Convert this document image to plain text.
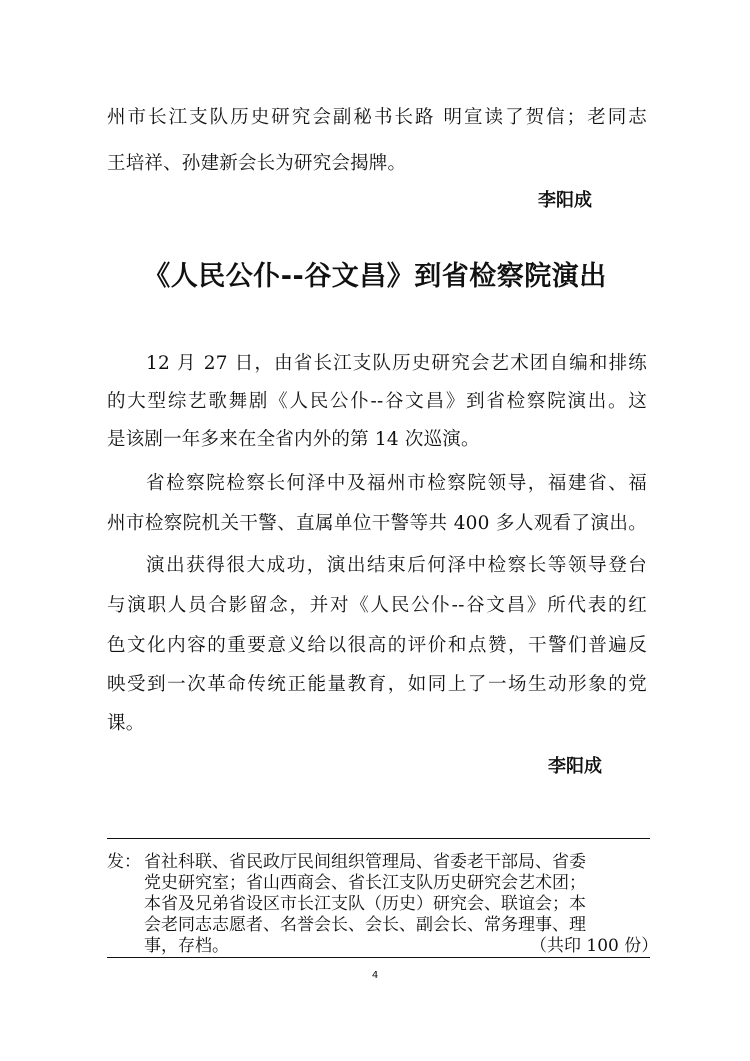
州市长江支队历史研究会副秘书长路 明宣读了贺信；老同志
王培祥、孙建新会长为研究会揭牌。
李阳成
《人民公仆--谷文昌》到省检察院演出
12 月 27 日，由省长江支队历史研究会艺术团自编和排练
的大型综艺歌舞剧《人民公仆--谷文昌》到省检察院演出。这
是该剧一年多来在全省内外的第 14 次巡演。
省检察院检察长何泽中及福州市检察院领导，福建省、福
州市检察院机关干警、直属单位干警等共 400 多人观看了演出。
演出获得很大成功，演出结束后何泽中检察长等领导登台
与演职人员合影留念，并对《人民公仆--谷文昌》所代表的红
色文化内容的重要意义给以很高的评价和点赞，干警们普遍反
映受到一次革命传统正能量教育，如同上了一场生动形象的党
课。
李阳成
发： 省社科联、省民政厅民间组织管理局、省委老干部局、省委
党史研究室；省山西商会、省长江支队历史研究会艺术团；
本省及兄弟省设区市长江支队（历史）研究会、联谊会；本
会老同志志愿者、名誉会长、会长、副会长、常务理事、理
事，存档。	（共印 100 份）
4
